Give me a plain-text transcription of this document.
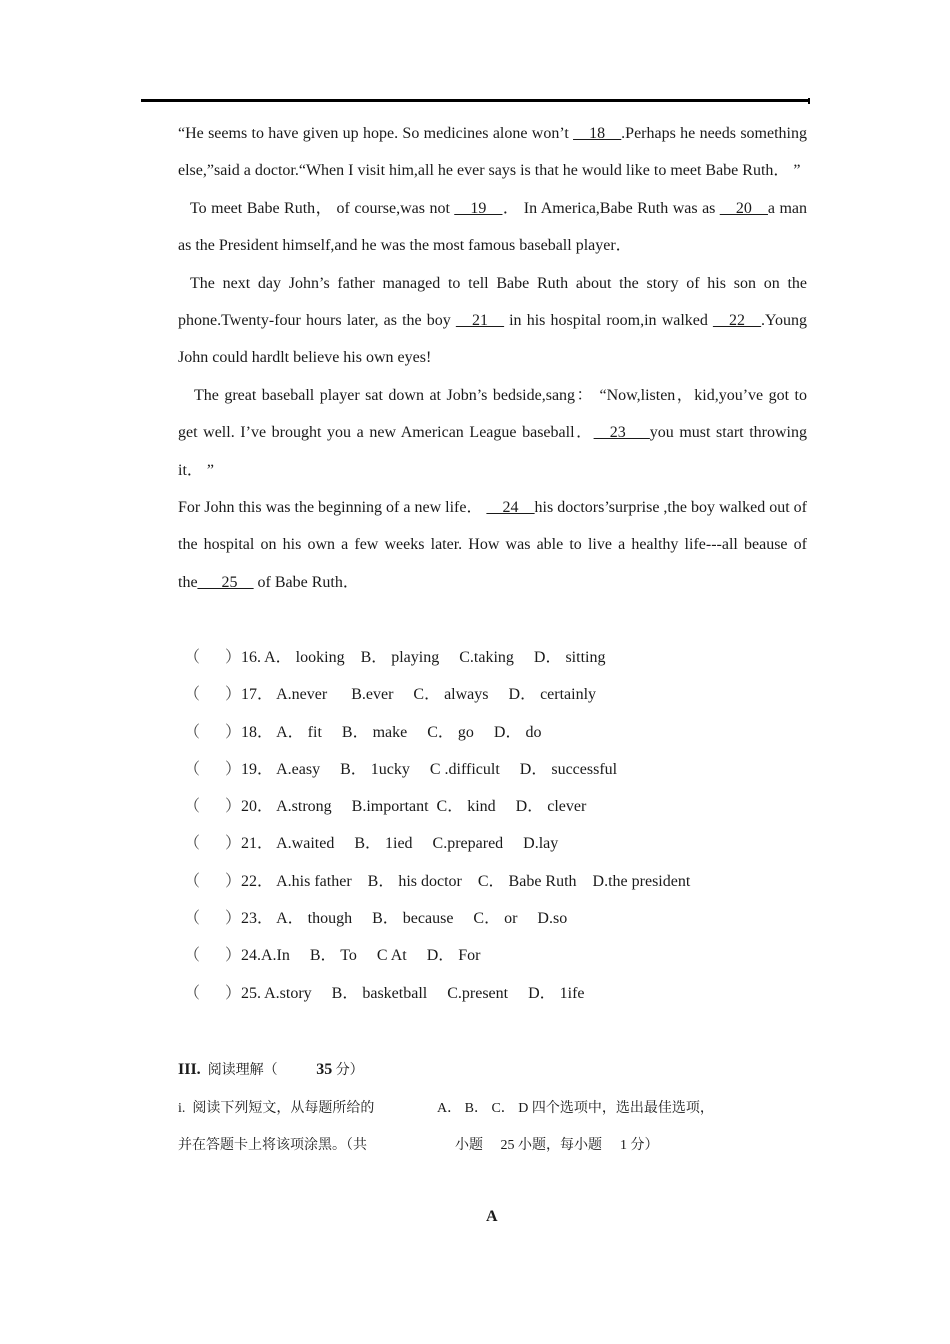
“He seems to have given up hope. So medicines alone won’t __18__.Perhaps he needs something else,”said a doctor.“When I visit him,all he ever says is that he would like to meet Babe Ruth． ”

To meet Babe Ruth， of course,was not __19__． In America,Babe Ruth was as __20__a man as the President himself,and he was the most famous baseball player．

The next day John’s father managed to tell Babe Ruth about the story of his son on the phone.Twenty-four hours later, as the boy __21__ in his hospital room,in walked __22__.Young John could hardlt believe his own eyes!

The great baseball player sat down at Jobn’s bedside,sang： “Now,listen，kid,you’ve got to get well. I’ve brought you a new American League baseball．__23___you must start throwing it． ”

For John this was the beginning of a new life． __24__his doctors’surprise ,the boy walked out of the hospital on his own a few weeks later. How was able to live a healthy life---all beause of the___25__ of Babe Ruth．

（ ） 16. A． looking    B． playing     C.taking     D． sitting
（ ） 17． A.never      B.ever     C． always     D． certainly
（ ） 18． A． fit     B． make     C． go     D． do
（ ） 19． A.easy     B． 1ucky     C .difficult     D． successful
（ ） 20． A.strong     B.important  C． kind     D． clever
（ ） 21． A.waited     B． 1ied     C.prepared     D.lay
（ ） 22． A.his father    B． his doctor    C． Babe Ruth    D.the president
（ ） 23． A． though     B． because     C． or     D.so
（ ） 24.A.In     B． To     C At     D． For
（ ） 25. A.story     B． basketball     C.present     D． 1ife
III. 阅读理解（ 35 分）
i. 阅读下列短文，从每题所给的	A． B． C． D 四个选项中，选出最佳选项，
并在答题卡上将该项涂黑。（共	小题 25 小题，每小题 1 分）
A
